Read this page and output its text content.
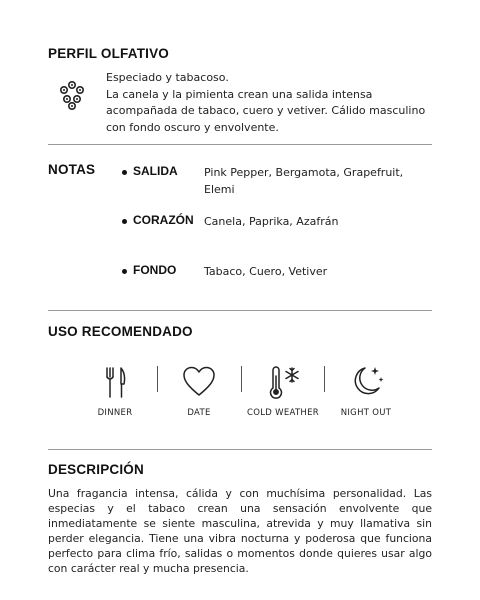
PERFIL OLFATIVO
Especiado y tabacoso.
La canela y la pimienta crean una salida intensa acompañada de tabaco, cuero y vetiver. Cálido masculino con fondo oscuro y envolvente.
NOTAS	SALIDA Pink Pepper, Bergamota, Grapefruit, Elemi
CORAZÓN Canela, Paprika, Azafrán
FONDO	Tabaco, Cuero, Vetiver
USO RECOMENDADO
DINNER	DATE	COLD WEATHER	NIGHT OUT
DESCRIPCIÓN
Una fragancia intensa, cálida y con muchísima personalidad. Las especias y el tabaco crean una sensación envolvente que inmediatamente se siente masculina, atrevida y muy llamativa sin perder elegancia. Tiene una vibra nocturna y poderosa que funciona perfecto para clima frío, salidas o momentos donde quieres usar algo con carácter real y mucha presencia.
